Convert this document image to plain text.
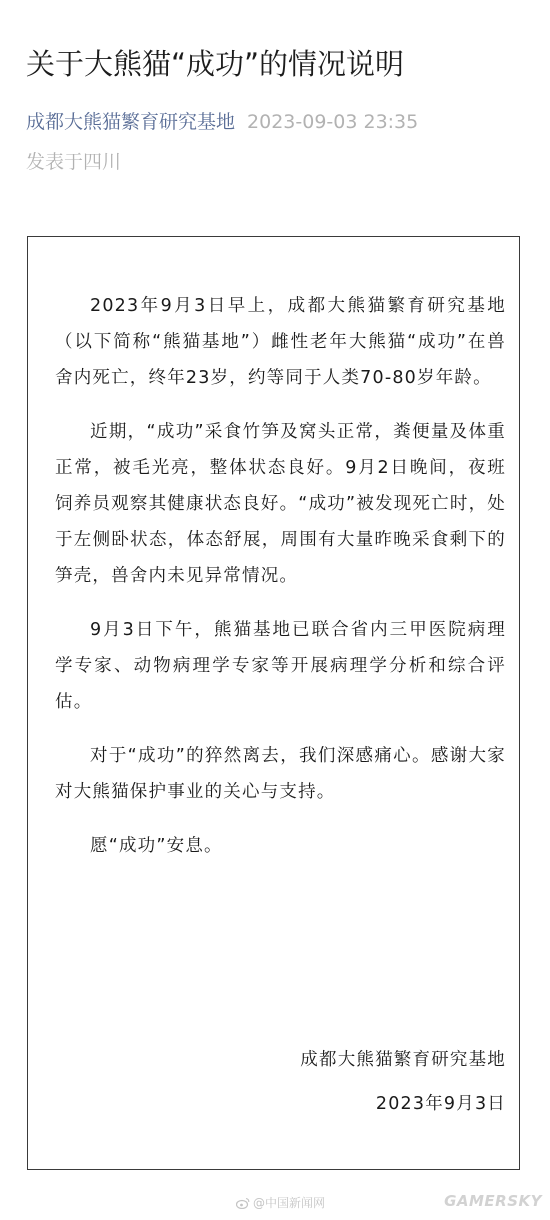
关于大熊猫“成功”的情况说明
成都大熊猫繁育研究基地 2023-09-03 23:35
发表于四川

2023年9月3日早上，成都大熊猫繁育研究基地（以下简称“熊猫基地”）雌性老年大熊猫“成功”在兽舍内死亡，终年23岁，约等同于人类70-80岁年龄。

近期，“成功”采食竹笋及窝头正常，粪便量及体重正常，被毛光亮，整体状态良好。9月2日晚间，夜班饲养员观察其健康状态良好。“成功”被发现死亡时，处于左侧卧状态，体态舒展，周围有大量昨晚采食剩下的笋壳，兽舍内未见异常情况。

9月3日下午，熊猫基地已联合省内三甲医院病理学专家、动物病理学专家等开展病理学分析和综合评估。

对于“成功”的猝然离去，我们深感痛心。感谢大家对大熊猫保护事业的关心与支持。

愿“成功”安息。

成都大熊猫繁育研究基地
2023年9月3日
@中国新闻网	GAMERSKY
